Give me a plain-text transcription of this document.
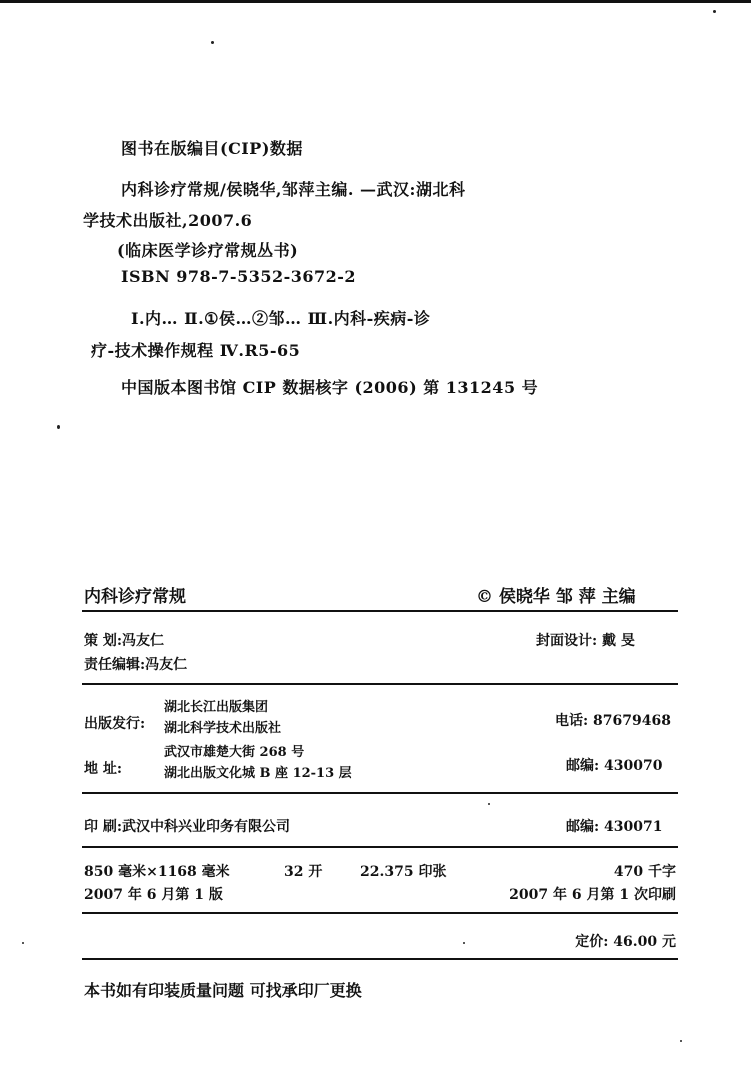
图书在版编目(CIP)数据
内科诊疗常规/侯晓华,邹萍主编. —武汉:湖北科
学技术出版社,2007.6
(临床医学诊疗常规丛书)
ISBN 978-7-5352-3672-2
Ⅰ.内… Ⅱ.①侯…②邹… Ⅲ.内科-疾病-诊
疗-技术操作规程 Ⅳ.R5-65
中国版本图书馆 CIP 数据核字 (2006) 第 131245 号
内科诊疗常规	© 侯晓华 邹 萍 主编
策 划:冯友仁
责任编辑:冯友仁
封面设计: 戴 旻
出版发行:
湖北长江出版集团
湖北科学技术出版社	电话: 87679468
地 址:
武汉市雄楚大街 268 号
湖北出版文化城 B 座 12-13 层	邮编: 430070
印 刷:武汉中科兴业印务有限公司	邮编: 430071
850 毫米×1168 毫米	32 开	22.375 印张	470 千字
2007 年 6 月第 1 版	2007 年 6 月第 1 次印刷
定价: 46.00 元
本书如有印装质量问题 可找承印厂更换
